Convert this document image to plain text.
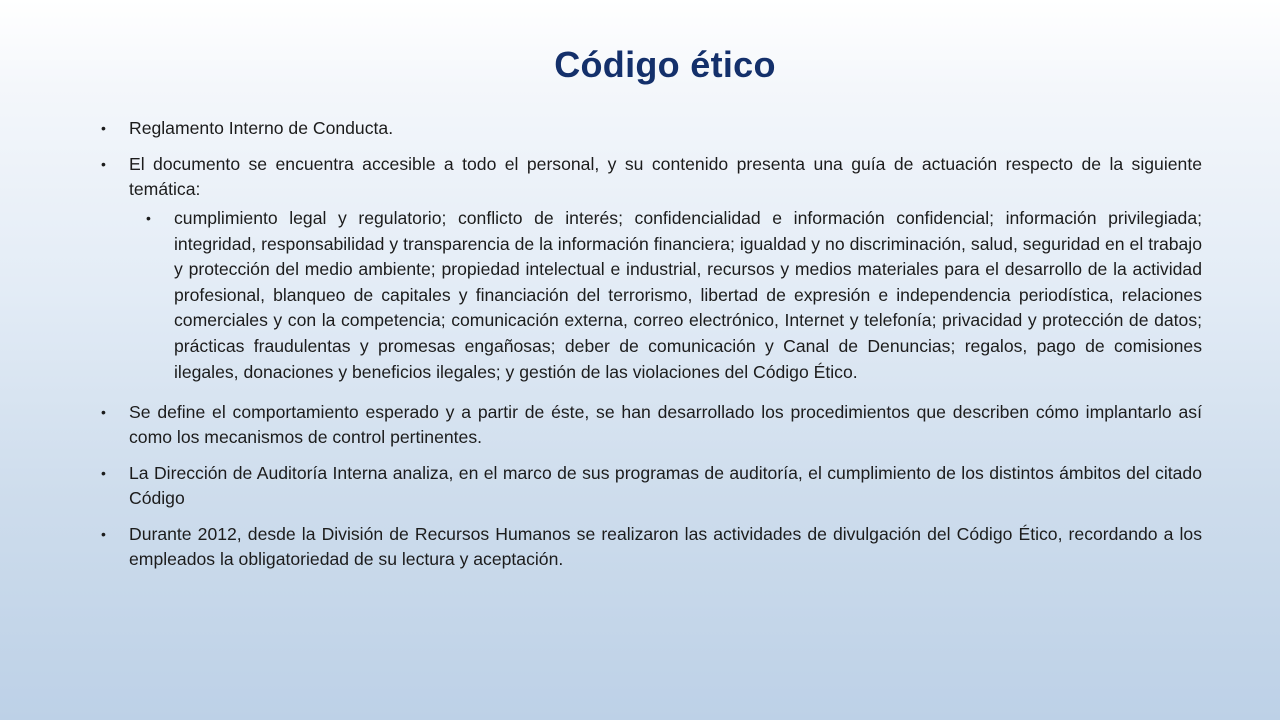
Código ético
• Reglamento Interno de Conducta.
• El documento se encuentra accesible a todo el personal, y su contenido presenta una guía de actuación respecto de la siguiente temática:
• cumplimiento legal y regulatorio; conflicto de interés; confidencialidad e información confidencial; información privilegiada; integridad, responsabilidad y transparencia de la información financiera; igualdad y no discriminación, salud, seguridad en el trabajo y protección del medio ambiente; propiedad intelectual e industrial, recursos y medios materiales para el desarrollo de la actividad profesional, blanqueo de capitales y financiación del terrorismo, libertad de expresión e independencia periodística, relaciones comerciales y con la competencia; comunicación externa, correo electrónico, Internet y telefonía; privacidad y protección de datos; prácticas fraudulentas y promesas engañosas; deber de comunicación y Canal de Denuncias; regalos, pago de comisiones ilegales, donaciones y beneficios ilegales; y gestión de las violaciones del Código Ético.
• Se define el comportamiento esperado y a partir de éste, se han desarrollado los procedimientos que describen cómo implantarlo así como los mecanismos de control pertinentes.
• La Dirección de Auditoría Interna analiza, en el marco de sus programas de auditoría, el cumplimiento de los distintos ámbitos del citado Código
• Durante 2012, desde la División de Recursos Humanos se realizaron las actividades de divulgación del Código Ético, recordando a los empleados la obligatoriedad de su lectura y aceptación.
